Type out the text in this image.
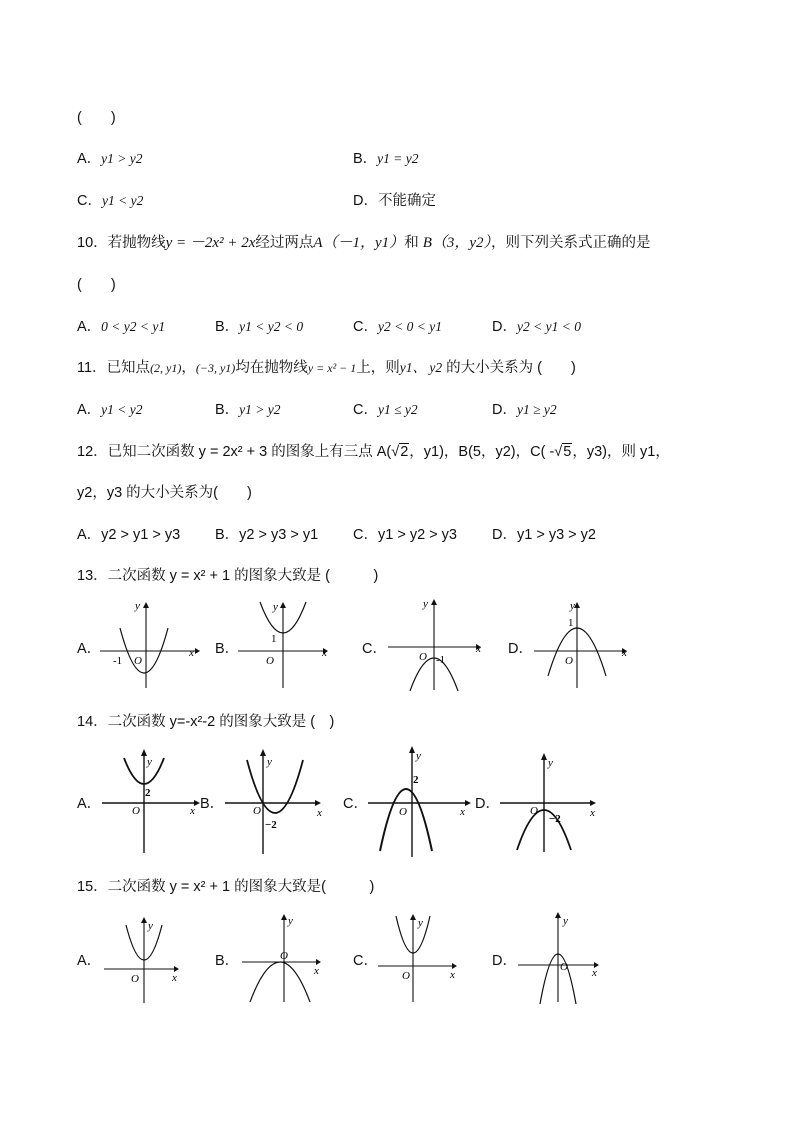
(　　)
A．y1 > y2	B．y1 = y2
C．y1 < y2	D．不能确定
10．若抛物线y = －2x² + 2x经过两点A（－1，y1）和 B（3，y2），则下列关系式正确的是
(　　)
A．0 < y2 < y1	B．y1 < y2 < 0	C．y2 < 0 < y1	D．y2 < y1 < 0
11．已知点(2, y1)，(−3, y1)均在抛物线y = x² − 1上，则y1、 y2 的大小关系为 (　　)
A．y1 < y2	B．y1 > y2	C．y1 ≤ y2	D．y1 ≥ y2
12．已知二次函数 y = 2x² + 3 的图象上有三点 A(√2，y1)，B(5，y2)，C( -√5，y3)，则 y1，
y2，y3 的大小关系为(　　)
A．y2 > y1 > y3 B．y2 > y3 > y1 C．y1 > y2 > y3 D．y1 > y3 > y2
13．二次函数 y = x² + 1 的图象大致是 (　　　)
A．
y
x
O
-1
B．
y
x
O
1
C．
y
x
O -1
D．
y
x
O
1
14．二次函数 y=-x²-2 的图象大致是 (　)
A．
y
x
O
2
B．
y
x
O
−2
C．	O
2
x
y
D．	O
−2	x
y
15．二次函数 y = x² + 1 的图象大致是(　　　)
A．
y
x
O
B．
y
x
O	C．
y
x
O
D．
y
x
O
